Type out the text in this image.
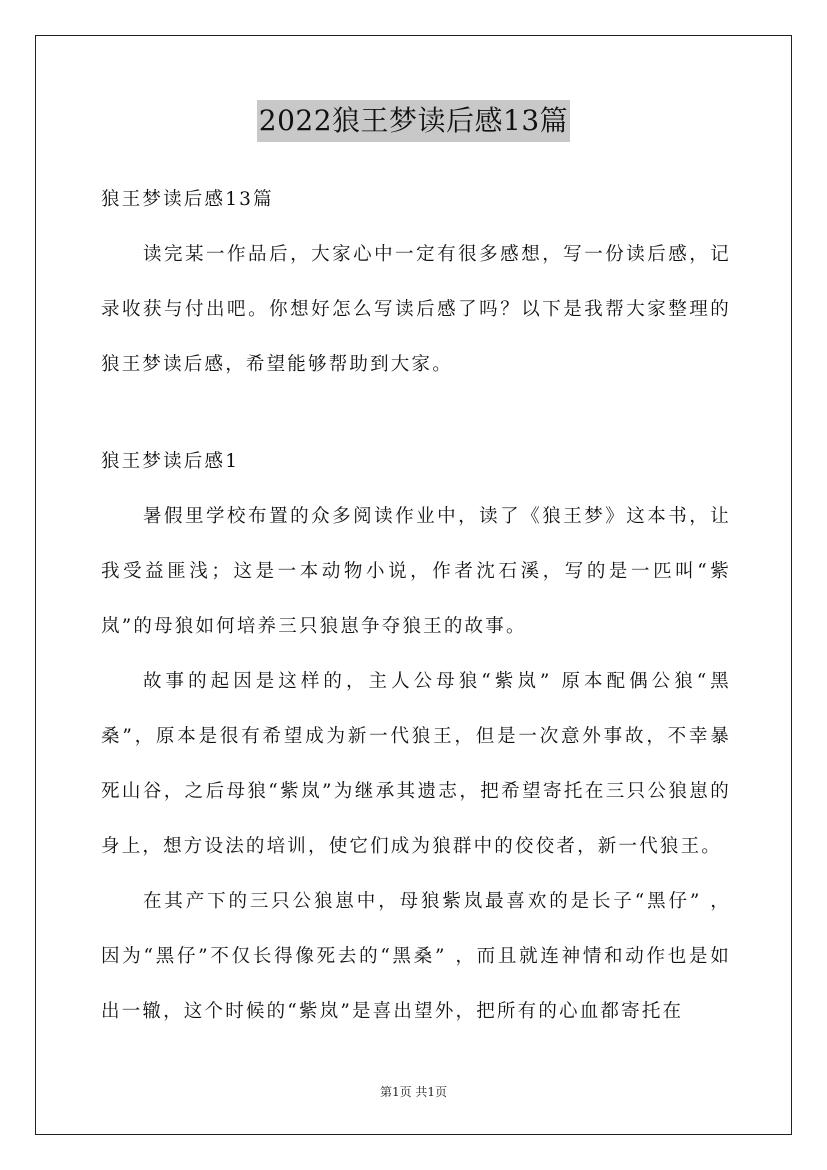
2022狼王梦读后感13篇

狼王梦读后感13篇

读完某一作品后，大家心中一定有很多感想，写一份读后感，记录收获与付出吧。你想好怎么写读后感了吗？以下是我帮大家整理的狼王梦读后感，希望能够帮助到大家。

狼王梦读后感1

暑假里学校布置的众多阅读作业中，读了《狼王梦》这本书，让我受益匪浅；这是一本动物小说，作者沈石溪，写的是一匹叫“紫岚”的母狼如何培养三只狼崽争夺狼王的故事。

故事的起因是这样的，主人公母狼“紫岚” 原本配偶公狼“黑桑”，原本是很有希望成为新一代狼王，但是一次意外事故，不幸暴死山谷，之后母狼“紫岚”为继承其遗志，把希望寄托在三只公狼崽的身上，想方设法的培训，使它们成为狼群中的佼佼者，新一代狼王。

在其产下的三只公狼崽中，母狼紫岚最喜欢的是长子“黑仔” ，因为“黑仔”不仅长得像死去的“黑桑” ，而且就连神情和动作也是如出一辙，这个时候的“紫岚”是喜出望外，把所有的心血都寄托在

第1页 共1页
